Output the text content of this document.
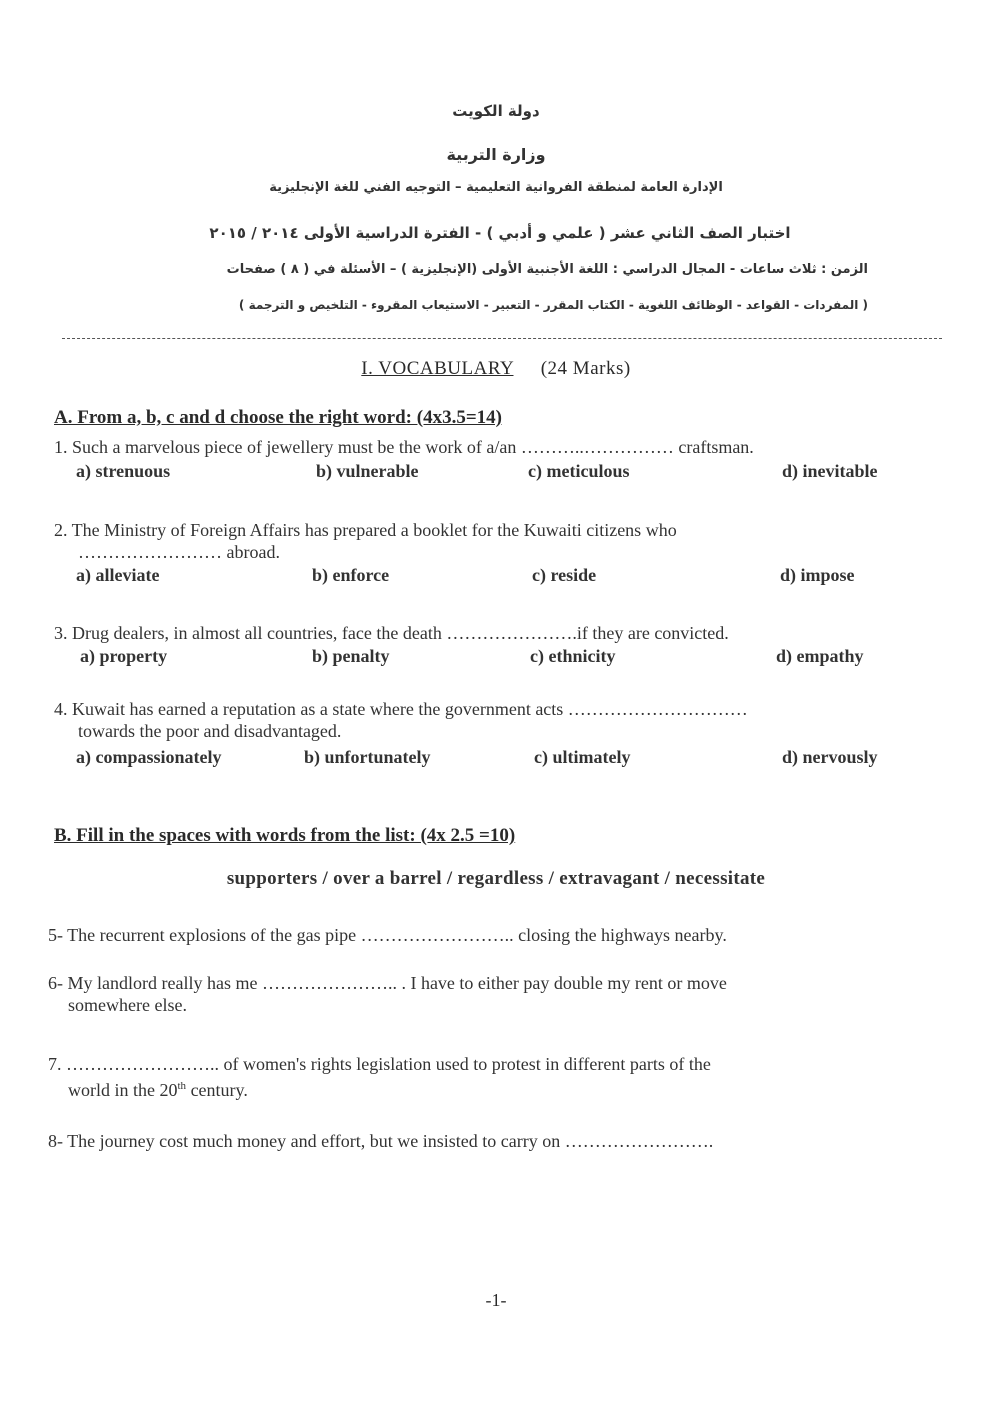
دولة الكويت
وزارة التربية
الإدارة العامة لمنطقة الفروانية التعليمية – التوجيه الفني للغة الإنجليزية
اختبار الصف الثاني عشر ( علمي و أدبي ) - الفترة الدراسية الأولى ٢٠١٤ / ٢٠١٥
الزمن : ثلاث ساعات - المجال الدراسي : اللغة الأجنبية الأولى (الإنجليزية ) – الأسئلة في ( ٨ ) صفحات
( المفردات - القواعد - الوظائف اللغوية - الكتاب المقرر - التعبير - الاستيعاب المقروء - التلخيص و الترجمة )
I. VOCABULARY (24 Marks)
A. From a, b, c and d choose the right word: (4x3.5=14)
1. Such a marvelous piece of jewellery must be the work of a/an ………..…………… craftsman.
a) strenuous	b) vulnerable	c) meticulous	d) inevitable
2. The Ministry of Foreign Affairs has prepared a booklet for the Kuwaiti citizens who
…………………… abroad.
a) alleviate	b) enforce	c) reside	d) impose
3. Drug dealers, in almost all countries, face the death ………………….if they are convicted.
a) property	b) penalty	c) ethnicity	d) empathy
4. Kuwait has earned a reputation as a state where the government acts …………………………
towards the poor and disadvantaged.
a) compassionately	b) unfortunately	c) ultimately	d) nervously
B. Fill in the spaces with words from the list: (4x 2.5 =10)
supporters / over a barrel / regardless / extravagant / necessitate
5- The recurrent explosions of the gas pipe …………………….. closing the highways nearby.
6- My landlord really has me ………………….. . I have to either pay double my rent or move
somewhere else.
7. …………………….. of women's rights legislation used to protest in different parts of the
world in the 20th century.
8- The journey cost much money and effort, but we insisted to carry on …………………….
-1-
